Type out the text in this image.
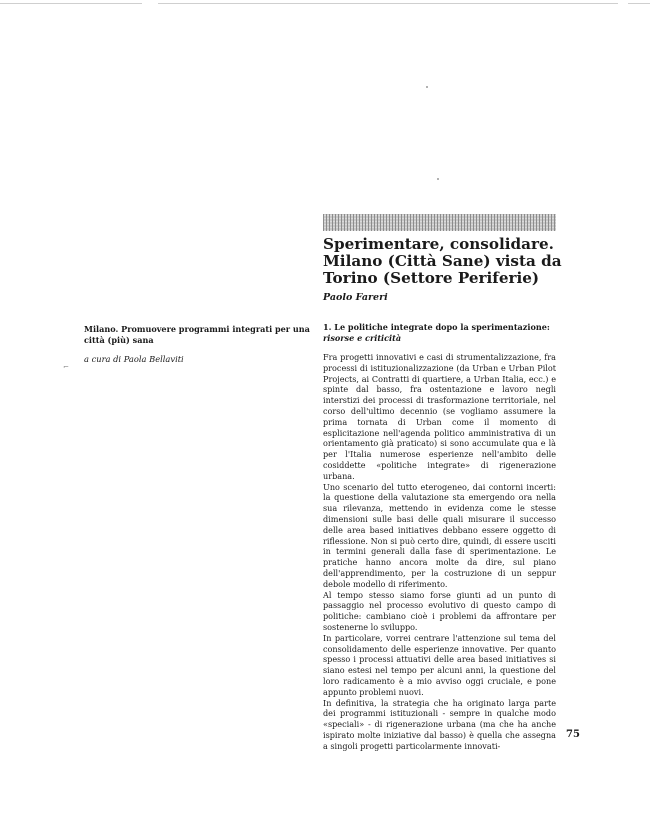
Sperimentare, consolidare. Milano (Città Sane) vista da Torino (Settore Periferie)

Paolo Fareri

Milano. Promuovere programmi integrati per una città (più) sana

a cura di Paola Bellaviti

⌐
1. Le politiche integrate dopo la sperimentazione: risorse e criticità
Fra progetti innovativi e casi di strumentalizzazione, fra processi di istituzionalizzazione (da Urban e Urban Pilot Projects, ai Contratti di quartiere, a Urban Italia, ecc.) e spinte dal basso, fra ostentazione e lavoro negli interstizi dei processi di trasformazione territoriale, nel corso dell'ultimo decennio (se vogliamo assumere la prima tornata di Urban come il momento di esplicitazione nell'agenda politico amministrativa di un orientamento già praticato) si sono accumulate qua e là per l'Italia numerose esperienze nell'ambito delle cosiddette «politiche integrate» di rigenerazione urbana.
Uno scenario del tutto eterogeneo, dai contorni incerti: la questione della valutazione sta emergendo ora nella sua rilevanza, mettendo in evidenza come le stesse dimensioni sulle basi delle quali misurare il successo delle area based initiatives debbano essere oggetto di riflessione. Non si può certo dire, quindi, di essere usciti in termini generali dalla fase di sperimentazione. Le pratiche hanno ancora molte da dire, sul piano dell'apprendimento, per la costruzione di un seppur debole modello di riferimento.
Al tempo stesso siamo forse giunti ad un punto di passaggio nel processo evolutivo di questo campo di politiche: cambiano cioè i problemi da affrontare per sostenerne lo sviluppo.
In particolare, vorrei centrare l'attenzione sul tema del consolidamento delle esperienze innovative. Per quanto spesso i processi attuativi delle area based initiatives si siano estesi nel tempo per alcuni anni, la questione del loro radicamento è a mio avviso oggi cruciale, e pone appunto problemi nuovi.
In definitiva, la strategia che ha originato larga parte dei programmi istituzionali - sempre in qualche modo «speciali» - di rigenerazione urbana (ma che ha anche ispirato molte iniziative dal basso) è quella che assegna a singoli progetti particolarmente innovati-

75
